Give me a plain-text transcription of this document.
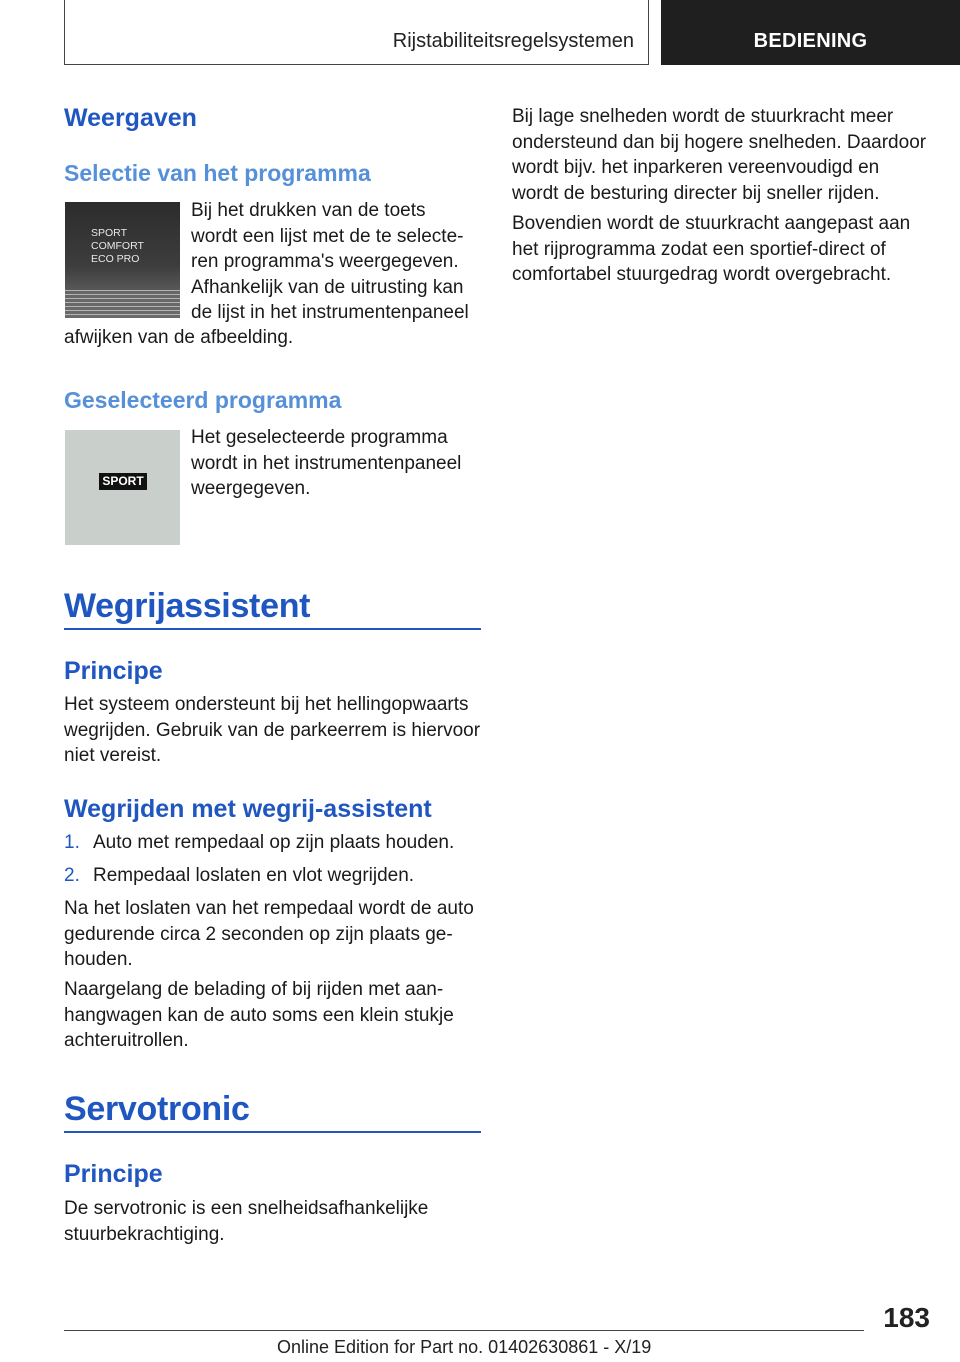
Rijstabiliteitsregelsystemen	BEDIENING
Weergaven
Selectie van het programma
SPORT
COMFORT
ECO PRO
Bij het drukken van de toets
wordt een lijst met de te selecte-
ren programma's weergegeven.
Afhankelijk van de uitrusting kan
de lijst in het instrumentenpaneel
afwijken van de afbeelding.
Geselecteerd programma
SPORT
Het geselecteerde programma
wordt in het instrumentenpaneel
weergegeven.
Wegrijassistent
Principe
Het systeem ondersteunt bij het hellingopwaarts
wegrijden. Gebruik van de parkeerrem is hiervoor
niet vereist.
Wegrijden met wegrij-assistent
1. Auto met rempedaal op zijn plaats houden.
2. Rempedaal loslaten en vlot wegrijden.
Na het loslaten van het rempedaal wordt de auto
gedurende circa 2 seconden op zijn plaats ge-
houden.
Naargelang de belading of bij rijden met aan-
hangwagen kan de auto soms een klein stukje
achteruitrollen.
Servotronic
Principe
De servotronic is een snelheidsafhankelijke
stuurbekrachtiging.
Bij lage snelheden wordt de stuurkracht meer
ondersteund dan bij hogere snelheden. Daardoor
wordt bijv. het inparkeren vereenvoudigd en
wordt de besturing directer bij sneller rijden.
Bovendien wordt de stuurkracht aangepast aan
het rijprogramma zodat een sportief-direct of
comfortabel stuurgedrag wordt overgebracht.
183
Online Edition for Part no. 01402630861 - X/19
